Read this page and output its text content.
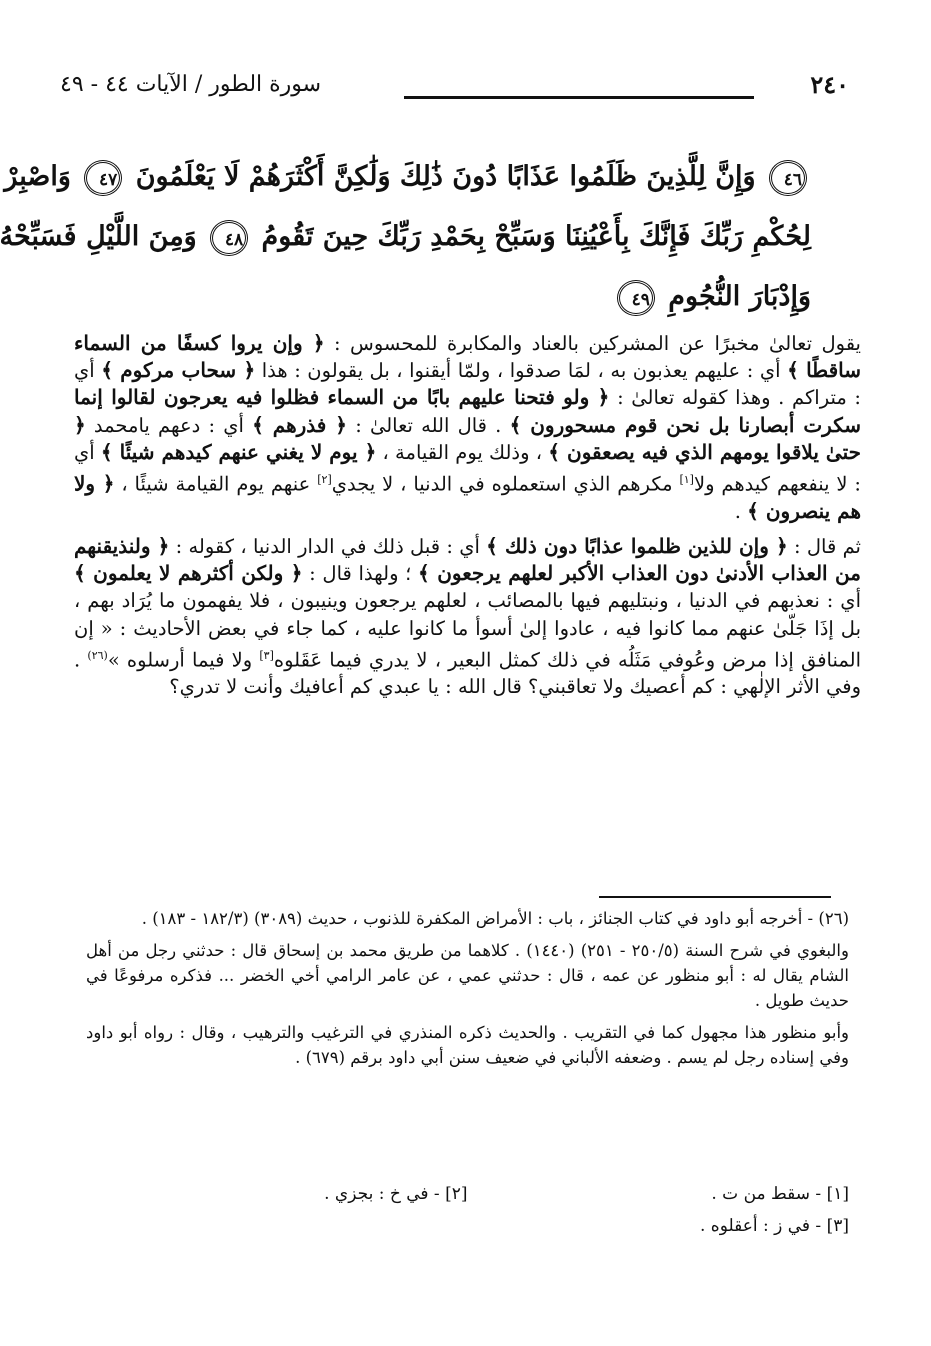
٢٤٠
سورة الطور / الآيات ٤٤ - ٤٩
٤٦ وَإِنَّ لِلَّذِينَ ظَلَمُوا عَذَابًا دُونَ ذَٰلِكَ وَلَٰكِنَّ أَكْثَرَهُمْ لَا يَعْلَمُونَ ٤٧ وَاصْبِرْ
لِحُكْمِ رَبِّكَ فَإِنَّكَ بِأَعْيُنِنَا وَسَبِّحْ بِحَمْدِ رَبِّكَ حِينَ تَقُومُ ٤٨ وَمِنَ اللَّيْلِ فَسَبِّحْهُ
وَإِدْبَارَ النُّجُومِ ٤٩

يقول تعالىٰ مخبرًا عن المشركين بالعناد والمكابرة للمحسوس : ﴿ وإن يروا كسفًا من السماء ساقطًا ﴾ أي : عليهم يعذبون به ، لمَا صدقوا ، ولمّا أيقنوا ، بل يقولون : هذا ﴿ سحاب مركوم ﴾ أي : متراكم . وهذا كقوله تعالىٰ : ﴿ ولو فتحنا عليهم بابًا من السماء فظلوا فيه يعرجون لقالوا إنما سكرت أبصارنا بل نحن قوم مسحورون ﴾ . قال الله تعالىٰ : ﴿ فذرهم ﴾ أي : دعهم يامحمد ﴿ حتىٰ يلاقوا يومهم الذي فيه يصعقون ﴾ ، وذلك يوم القيامة ، ﴿ يوم لا يغني عنهم كيدهم شيئًا ﴾ أي : لا ينفعهم كيدهم ولا[١] مكرهم الذي استعملوه في الدنيا ، لا يجدي[٢] عنهم يوم القيامة شيئًا ، ﴿ ولا هم ينصرون ﴾ .

ثم قال : ﴿ وإن للذين ظلموا عذابًا دون ذلك ﴾ أي : قبل ذلك في الدار الدنيا ، كقوله : ﴿ ولنذيقنهم من العذاب الأدنىٰ دون العذاب الأكبر لعلهم يرجعون ﴾ ؛ ولهذا قال : ﴿ ولكن أكثرهم لا يعلمون ﴾ أي : نعذبهم في الدنيا ، ونبتليهم فيها بالمصائب ، لعلهم يرجعون وينيبون ، فلا يفهمون ما يُرَاد بهم ، بل إذَا جَلّىٰ عنهم مما كانوا فيه ، عادوا إلىٰ أسوأ ما كانوا عليه ، كما جاء في بعض الأحاديث : « إن المنافق إذا مرض وعُوفي مَثَلُه في ذلك كمثل البعير ، لا يدري فيما عَقَلوه[٣] ولا فيما أرسلوه »$^{(٢٦)}$ . وفي الأثر الإلٰهي : كم أعصيك ولا تعاقبني؟ قال الله : يا عبدي كم أعافيك وأنت لا تدري؟

(٢٦) - أخرجه أبو داود في كتاب الجنائز ، باب : الأمراض المكفرة للذنوب ، حديث (٣٠٨٩) (١٨٢/٣ - ١٨٣) .

والبغوي في شرح السنة (٢٥٠/٥ - ٢٥١) (١٤٤٠) . كلاهما من طريق محمد بن إسحاق قال : حدثني رجل من أهل الشام يقال له : أبو منظور عن عمه ، قال : حدثني عمي ، عن عامر الرامي أخي الخضر ... فذكره مرفوعًا في حديث طويل .

وأبو منظور هذا مجهول كما في التقريب . والحديث ذكره المنذري في الترغيب والترهيب ، وقال : رواه أبو داود وفي إسناده رجل لم يسم . وضعفه الألباني في ضعيف سنن أبي داود برقم (٦٧٩) .

[١] - سقط من ت .
[٢] - في خ : بجزي .
[٣] - في ز : أعقلوه .
